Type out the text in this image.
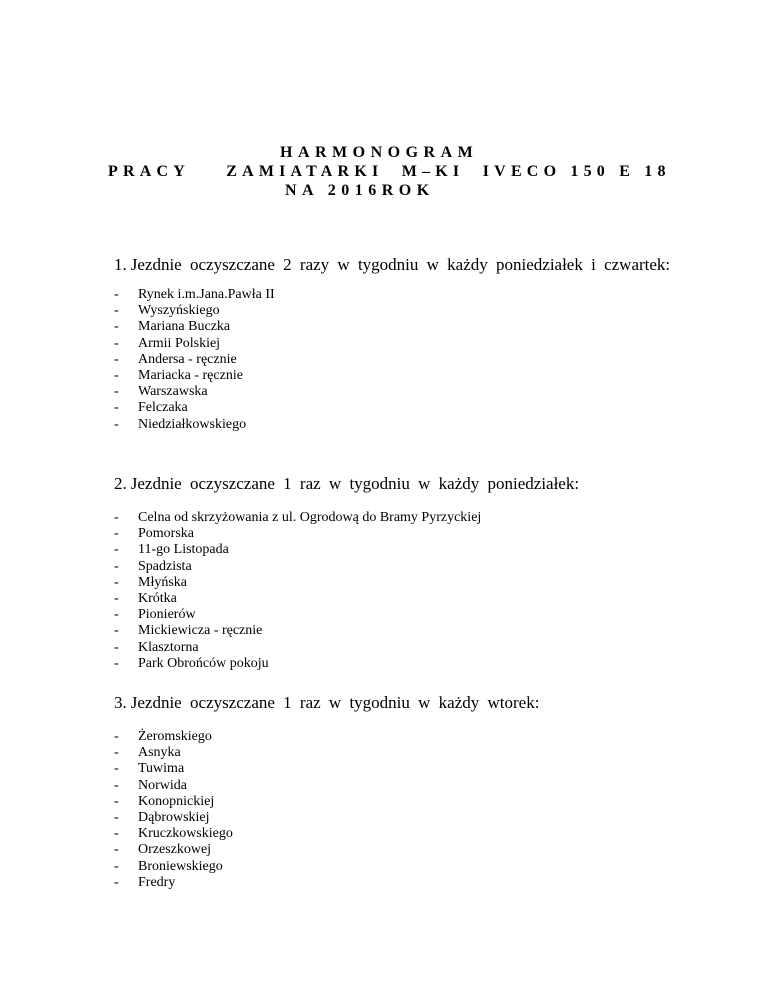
HARMONOGRAM
PRACY    ZAMIATARKI  M–KI  IVECO 150 E 18
NA 2016ROK

1. Jezdnie oczyszczane 2 razy w tygodniu w każdy poniedziałek i czwartek:

- Rynek i.m.Jana.Pawła II
- Wyszyńskiego
- Mariana Buczka
- Armii Polskiej
- Andersa - ręcznie
- Mariacka - ręcznie
- Warszawska
- Felczaka
- Niedziałkowskiego

2. Jezdnie oczyszczane 1 raz w tygodniu w każdy poniedziałek:

- Celna od skrzyżowania z ul. Ogrodową do Bramy Pyrzyckiej
- Pomorska
- 11-go Listopada
- Spadzista
- Młyńska
- Krótka
- Pionierów
- Mickiewicza - ręcznie
- Klasztorna
- Park Obrońców pokoju

3. Jezdnie oczyszczane 1 raz w tygodniu w każdy wtorek:

- Żeromskiego
- Asnyka
- Tuwima
- Norwida
- Konopnickiej
- Dąbrowskiej
- Kruczkowskiego
- Orzeszkowej
- Broniewskiego
- Fredry
